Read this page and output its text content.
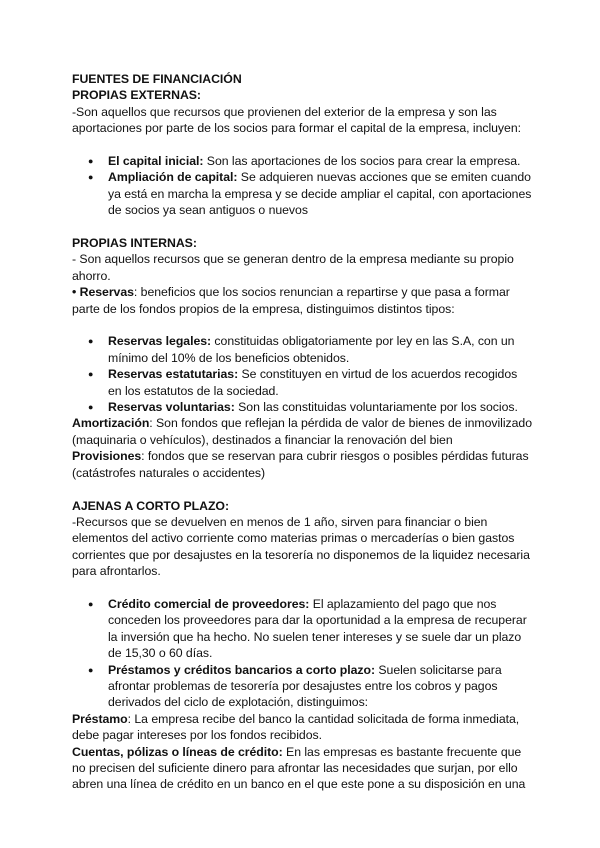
FUENTES DE FINANCIACIÓN

PROPIAS EXTERNAS:

-Son aquellos que recursos que provienen del exterior de la empresa y son las aportaciones por parte de los socios para formar el capital de la empresa, incluyen:

● El capital inicial: Son las aportaciones de los socios para crear la empresa.
● Ampliación de capital: Se adquieren nuevas acciones que se emiten cuando ya está en marcha la empresa y se decide ampliar el capital, con aportaciones de socios ya sean antiguos o nuevos

PROPIAS INTERNAS:

- Son aquellos recursos que se generan dentro de la empresa mediante su propio ahorro.

• Reservas: beneficios que los socios renuncian a repartirse y que pasa a formar parte de los fondos propios de la empresa, distinguimos distintos tipos:

● Reservas legales: constituidas obligatoriamente por ley en las S.A, con un mínimo del 10% de los beneficios obtenidos.
● Reservas estatutarias: Se constituyen en virtud de los acuerdos recogidos en los estatutos de la sociedad.
● Reservas voluntarias: Son las constituidas voluntariamente por los socios.

Amortización: Son fondos que reflejan la pérdida de valor de bienes de inmovilizado (maquinaria o vehículos), destinados a financiar la renovación del bien

Provisiones: fondos que se reservan para cubrir riesgos o posibles pérdidas futuras (catástrofes naturales o accidentes)

AJENAS A CORTO PLAZO:

-Recursos que se devuelven en menos de 1 año, sirven para financiar o bien elementos del activo corriente como materias primas o mercaderías o bien gastos corrientes que por desajustes en la tesorería no disponemos de la liquidez necesaria para afrontarlos.

● Crédito comercial de proveedores: El aplazamiento del pago que nos conceden los proveedores para dar la oportunidad a la empresa de recuperar la inversión que ha hecho. No suelen tener intereses y se suele dar un plazo de 15,30 o 60 días.
● Préstamos y créditos bancarios a corto plazo: Suelen solicitarse para afrontar problemas de tesorería por desajustes entre los cobros y pagos derivados del ciclo de explotación, distinguimos:

Préstamo: La empresa recibe del banco la cantidad solicitada de forma inmediata, debe pagar intereses por los fondos recibidos.

Cuentas, pólizas o líneas de crédito: En las empresas es bastante frecuente que no precisen del suficiente dinero para afrontar las necesidades que surjan, por ello abren una línea de crédito en un banco en el que este pone a su disposición en una
